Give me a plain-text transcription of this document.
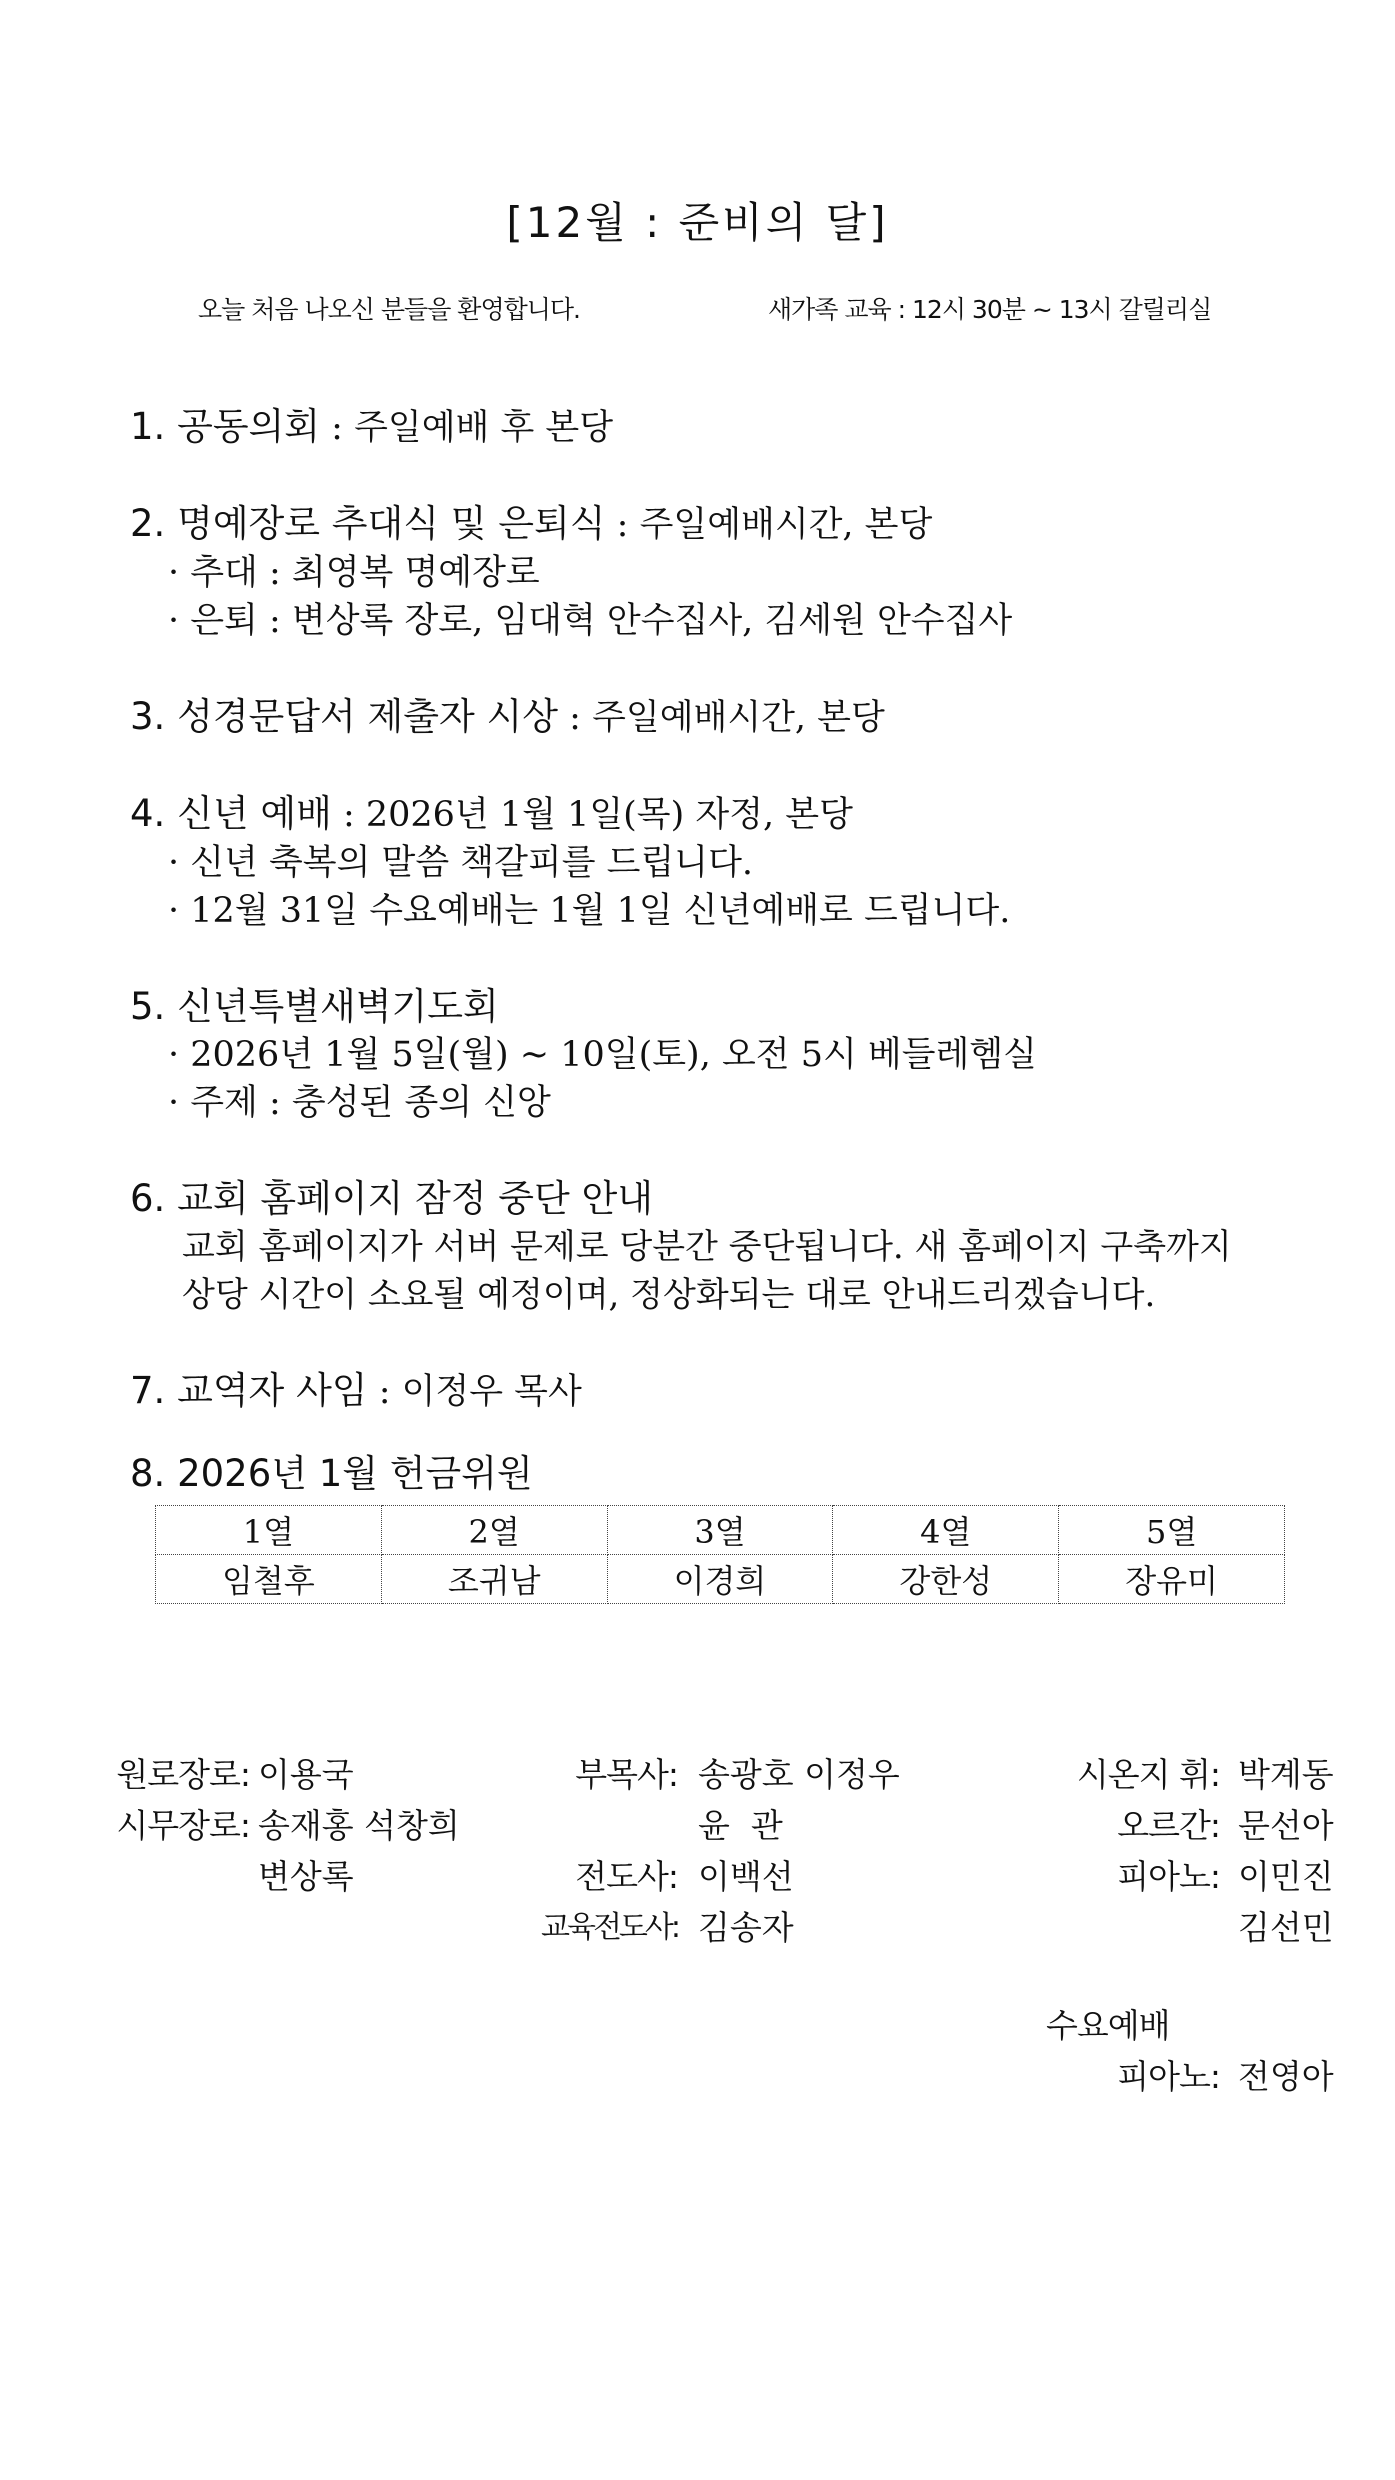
[12월 : 준비의 달]
오늘 처음 나오신 분들을 환영합니다.	새가족 교육 : 12시 30분 ~ 13시 갈릴리실
1. 공동의회 : 주일예배 후 본당
2. 명예장로 추대식 및 은퇴식 : 주일예배시간, 본당
· 추대 : 최영복 명예장로
· 은퇴 : 변상록 장로, 임대혁 안수집사, 김세원 안수집사
3. 성경문답서 제출자 시상 : 주일예배시간, 본당
4. 신년 예배 : 2026년 1월 1일(목) 자정, 본당
· 신년 축복의 말씀 책갈피를 드립니다.
· 12월 31일 수요예배는 1월 1일 신년예배로 드립니다.
5. 신년특별새벽기도회
· 2026년 1월 5일(월) ~ 10일(토), 오전 5시 베들레헴실
· 주제 : 충성된 종의 신앙
6. 교회 홈페이지 잠정 중단 안내
교회 홈페이지가 서버 문제로 당분간 중단됩니다. 새 홈페이지 구축까지
상당 시간이 소요될 예정이며, 정상화되는 대로 안내드리겠습니다.
7. 교역자 사임 : 이정우 목사
8. 2026년 1월 헌금위원
1열	2열	3열	4열	5열
임철후	조귀남	이경희	강한성	장유미
원로장로: 이용국
시무장로: 송재홍 석창희
변상록
부목사: 송광호 이정우
윤  관
전도사: 이백선
교육전도사: 김송자
시온지 휘: 박계동
오르간: 문선아
피아노: 이민진
김선민
수요예배
피아노: 전영아
